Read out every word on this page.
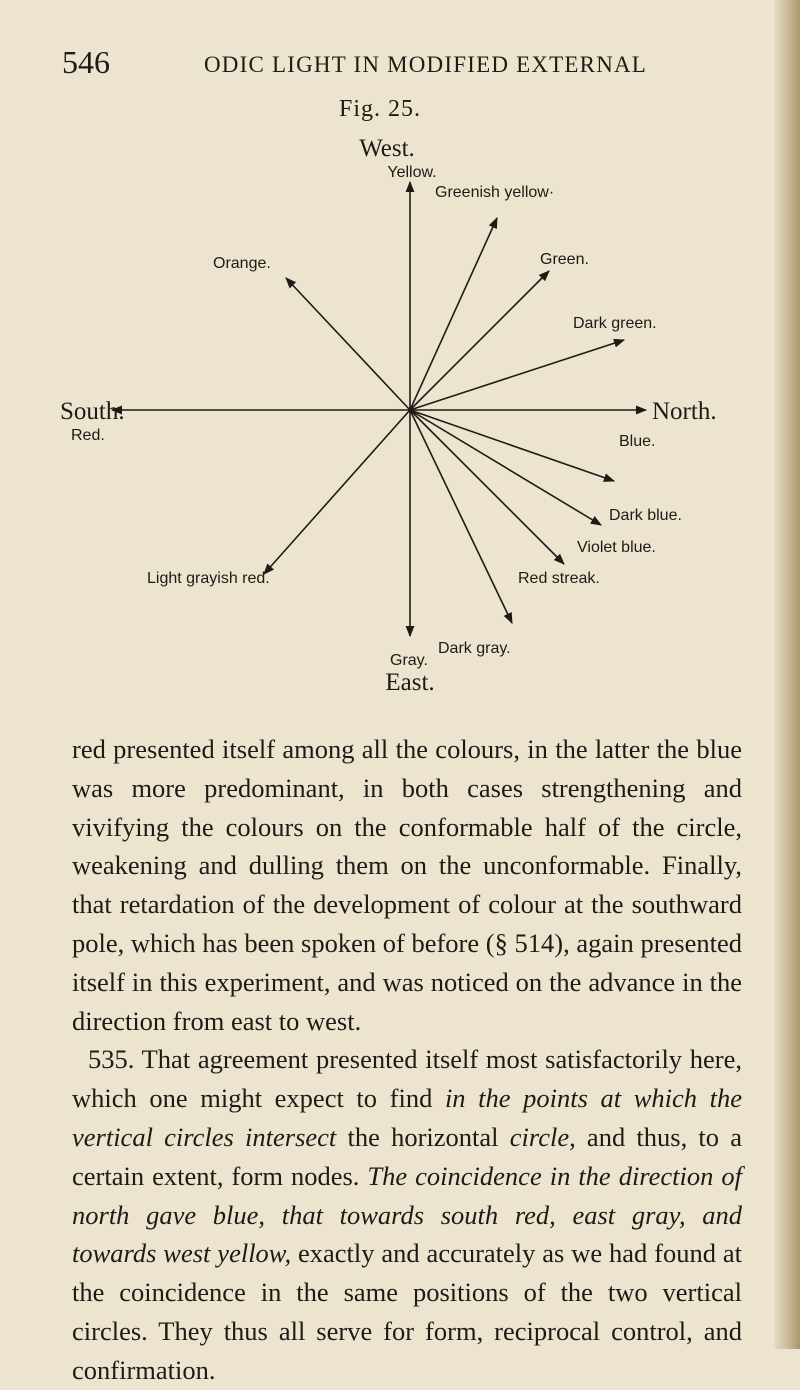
546	ODIC LIGHT IN MODIFIED EXTERNAL
Fig. 25.
West.
South.	North.
East.
Yellow.
Greenish yellow·
Green.
Dark green.
Orange.
Red.	Blue.
Dark blue.
Violet blue.
Red streak.
Light grayish red.
Dark gray.
Gray.

red presented itself among all the colours, in the latter the blue was more predominant, in both cases strengthening and vivifying the colours on the conformable half of the circle, weakening and dulling them on the unconformable. Finally, that retardation of the development of colour at the southward pole, which has been spoken of before (§ 514), again presented itself in this experiment, and was noticed on the advance in the direction from east to west.

535. That agreement presented itself most satisfactorily here, which one might expect to find in the points at which the vertical circles intersect the horizontal circle, and thus, to a certain extent, form nodes. The coincidence in the direction of north gave blue, that towards south red, east gray, and towards west yellow, exactly and accurately as we had found at the coincidence in the same positions of the two vertical circles. They thus all serve for form, reciprocal control, and confirmation.
